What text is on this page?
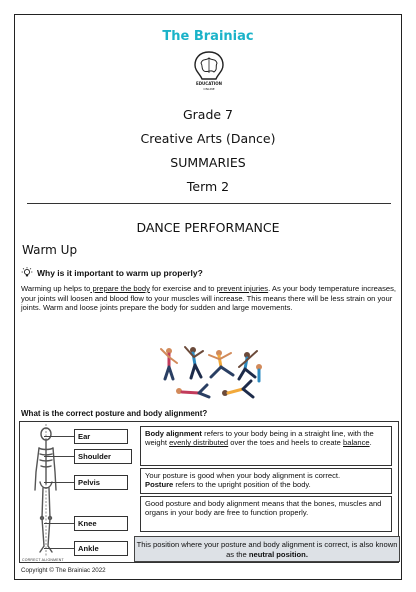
The Brainiac
EDUCATION
ONLINE
Grade 7
Creative Arts (Dance)
SUMMARIES
Term 2
DANCE PERFORMANCE
Warm Up
Why is it important to warm up properly?
Warming up helps to prepare the body for exercise and to prevent injuries. As your body temperature increases, your joints will loosen and blood flow to your muscles will increase. This means there will be less strain on your joints. Warm and loose joints prepare the body for sudden and large movements.
What is the correct posture and body alignment?
Ear
Shoulder
Pelvis
Knee
Ankle
CORRECT ALIGNMENT
Body alignment refers to your body being in a straight line, with the weight evenly distributed over the toes and heels to create balance.

Your posture is good when your body alignment is correct.

Posture refers to the upright position of the body.

Good posture and body alignment means that the bones, muscles and organs in your body are free to function properly.
This position where your posture and body alignment is correct, is also known as the neutral position.
Copyright © The Brainiac 2022
